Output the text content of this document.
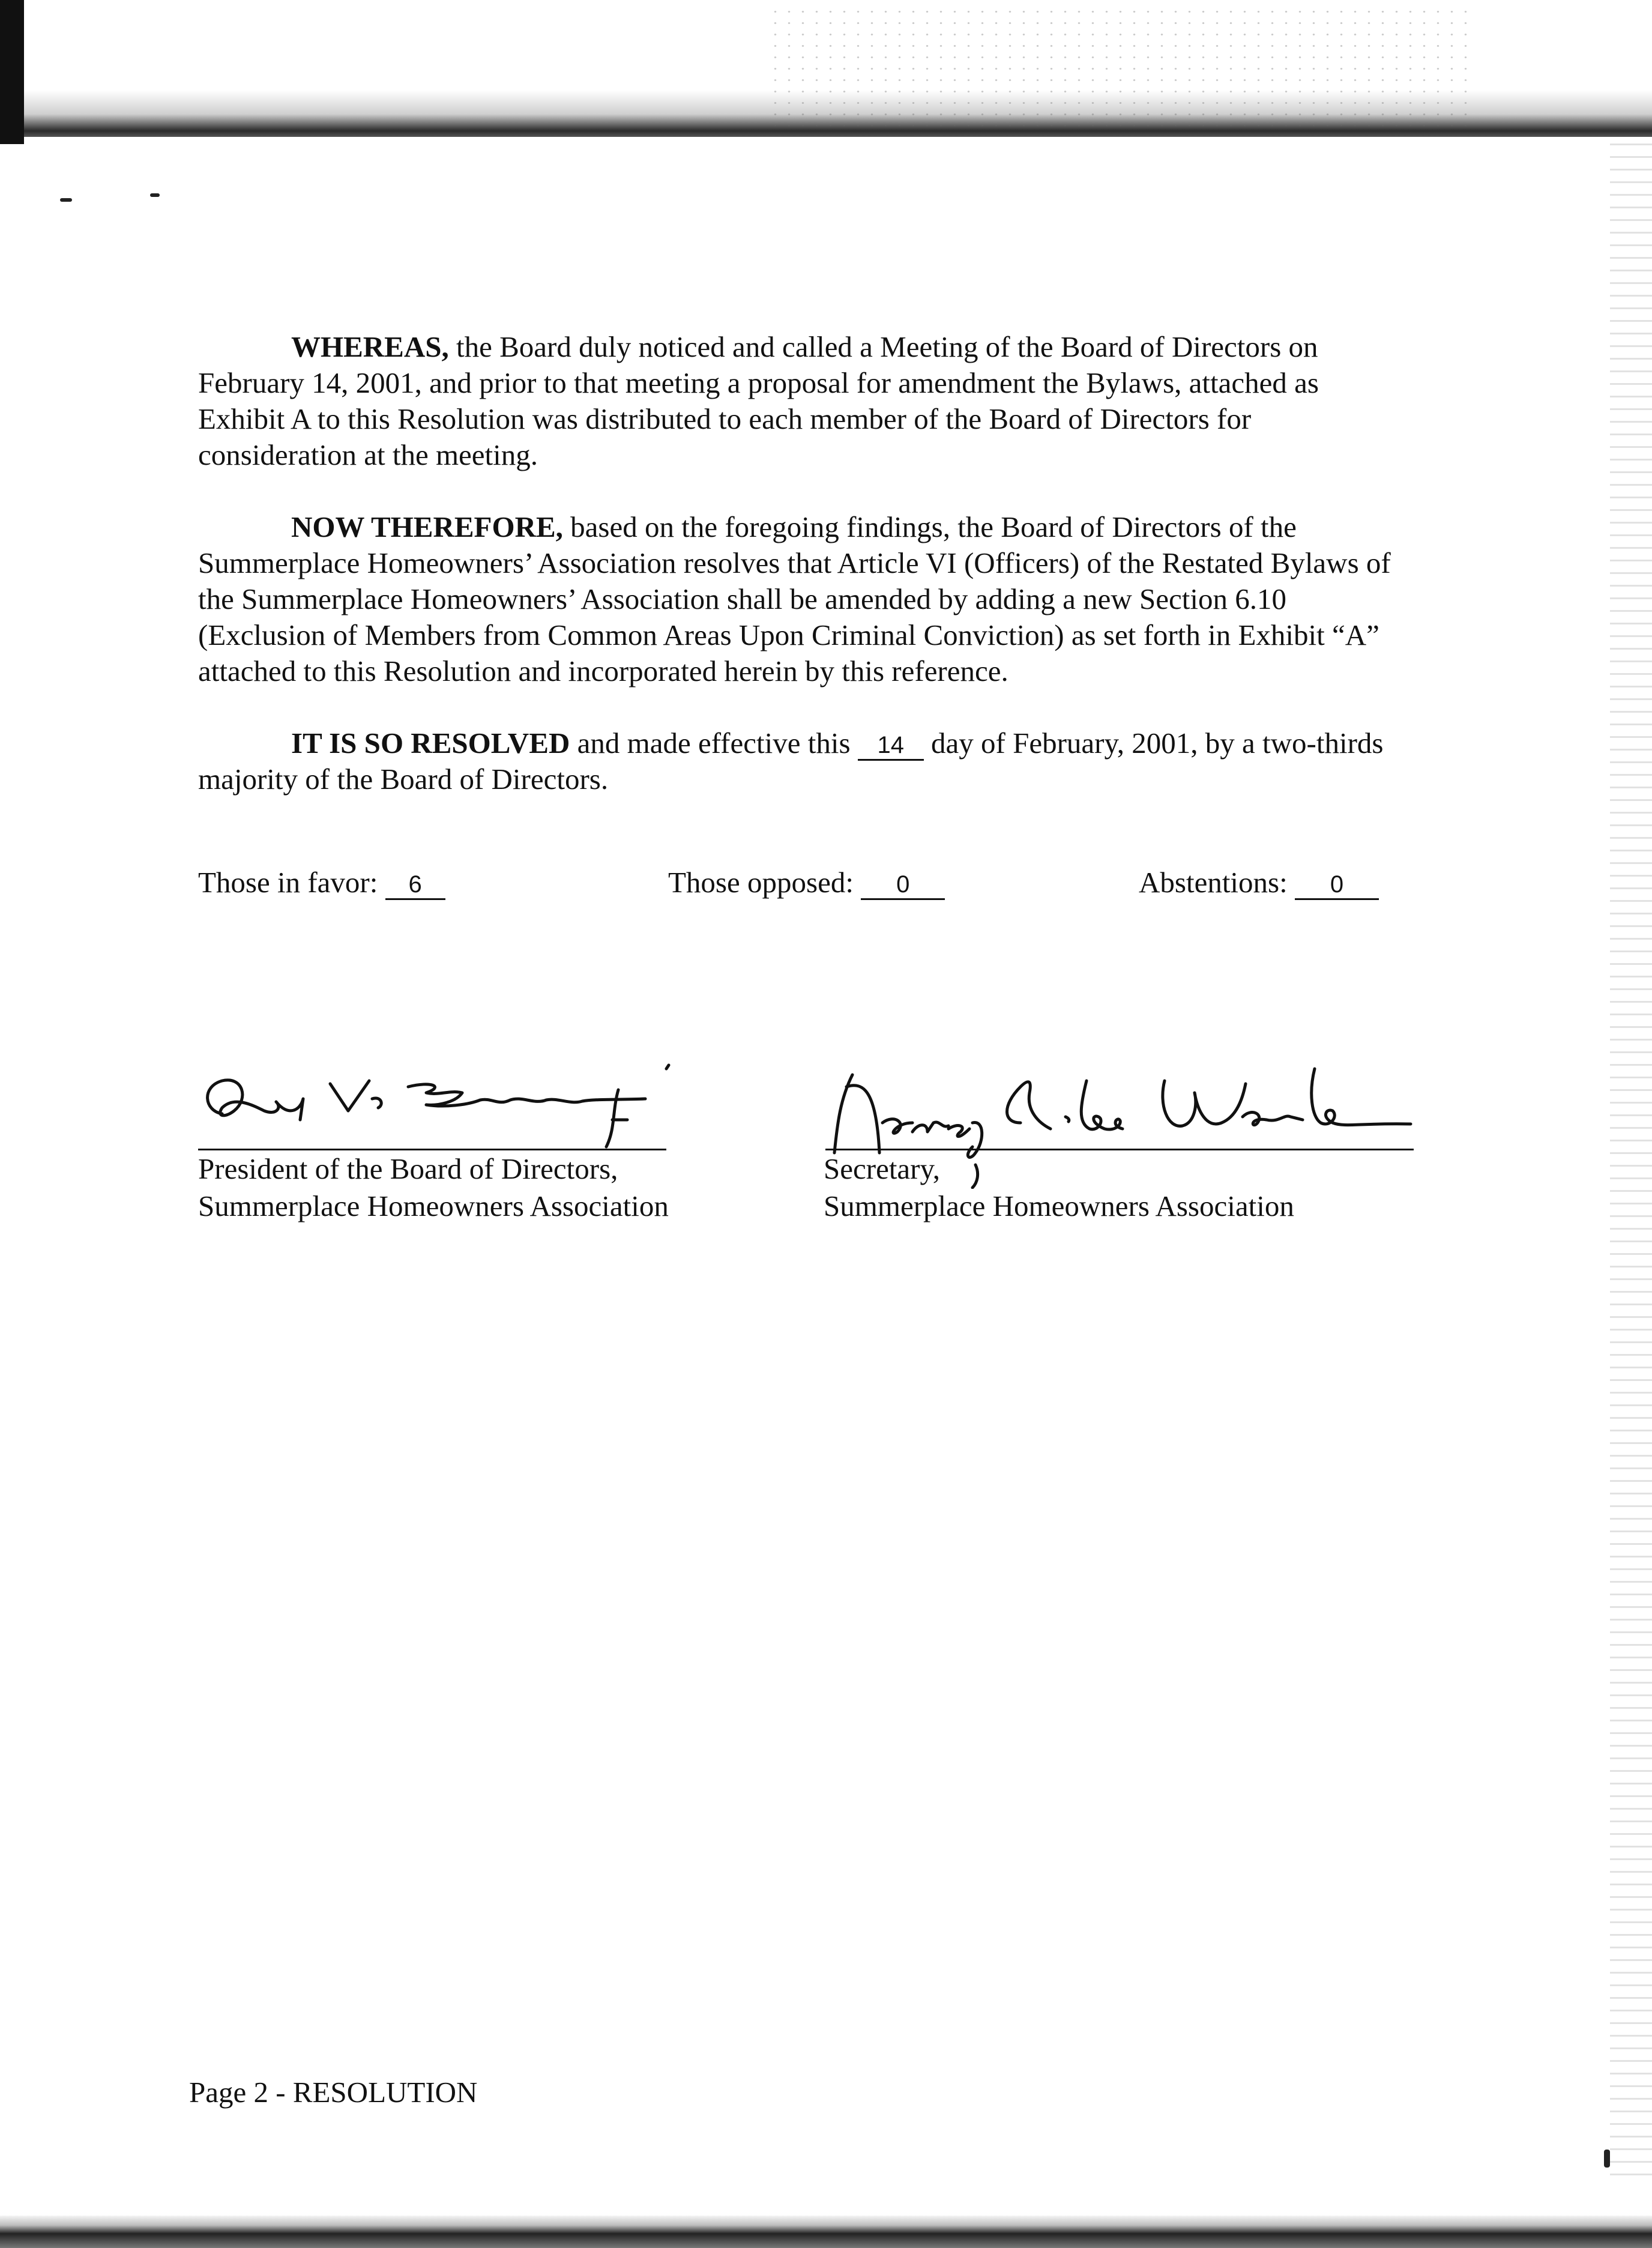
WHEREAS, the Board duly noticed and called a Meeting of the Board of Directors on February 14, 2001, and prior to that meeting a proposal for amendment the Bylaws, attached as Exhibit A to this Resolution was distributed to each member of the Board of Directors for consideration at the meeting.

NOW THEREFORE, based on the foregoing findings, the Board of Directors of the Summerplace Homeowners’ Association resolves that Article VI (Officers) of the Restated Bylaws of the Summerplace Homeowners’ Association shall be amended by adding a new Section 6.10 (Exclusion of Members from Common Areas Upon Criminal Conviction) as set forth in Exhibit “A” attached to this Resolution and incorporated herein by this reference.

IT IS SO RESOLVED and made effective this 14 day of February, 2001, by a two-thirds majority of the Board of Directors.

Those in favor: 6	Those opposed: 0	Abstentions: 0
President of the Board of Directors,
Summerplace Homeowners Association
Secretary,
Summerplace Homeowners Association
Page 2 - RESOLUTION
